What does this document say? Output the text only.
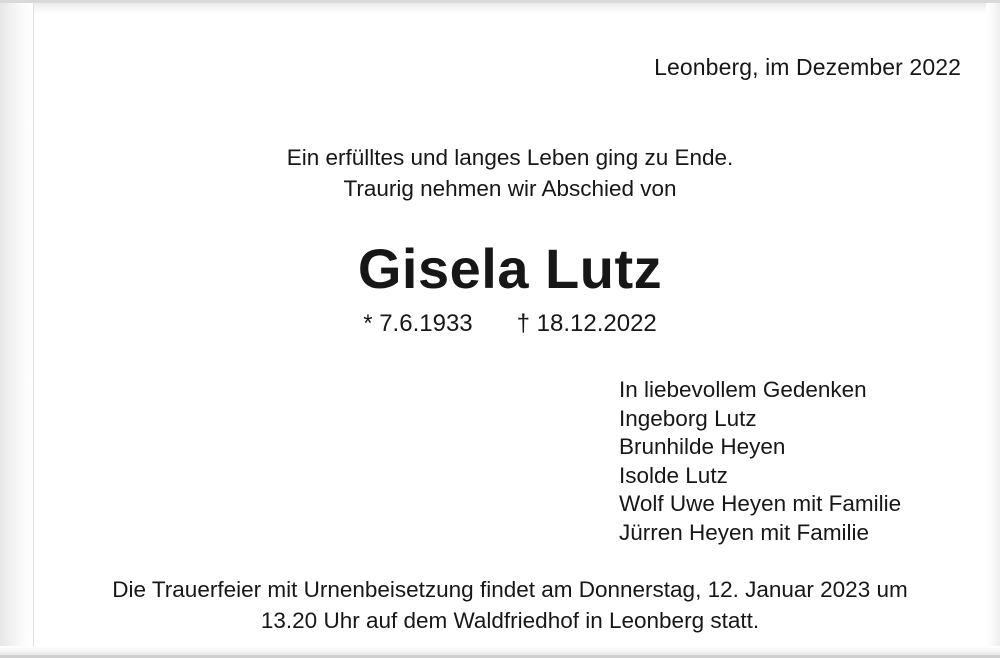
Leonberg, im Dezember 2022
Ein erfülltes und langes Leben ging zu Ende.
Traurig nehmen wir Abschied von
Gisela Lutz
* 7.6.1933 † 18.12.2022
In liebevollem Gedenken
Ingeborg Lutz
Brunhilde Heyen
Isolde Lutz
Wolf Uwe Heyen mit Familie
Jürren Heyen mit Familie
Die Trauerfeier mit Urnenbeisetzung findet am Donnerstag, 12. Januar 2023 um
13.20 Uhr auf dem Waldfriedhof in Leonberg statt.
